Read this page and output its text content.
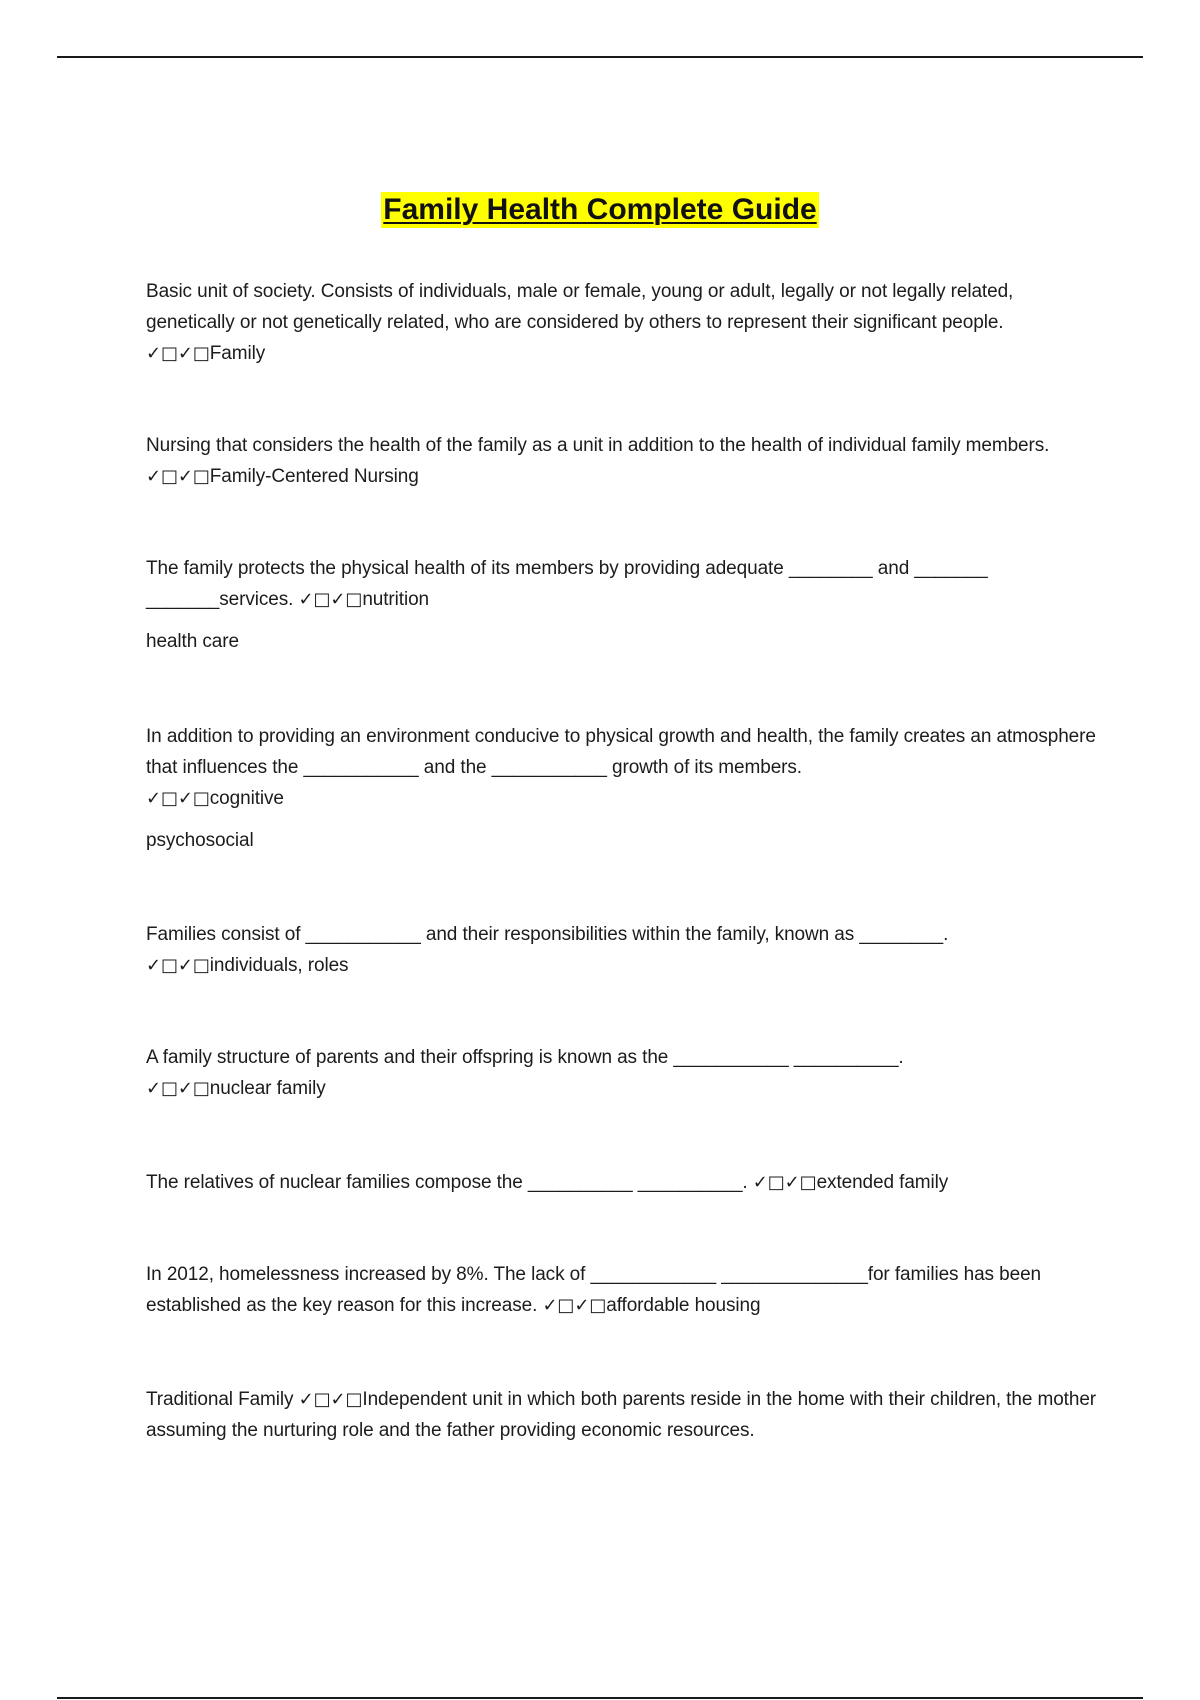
Family Health Complete Guide

Basic unit of society. Consists of individuals, male or female, young or adult, legally or not legally related, genetically or not genetically related, who are considered by others to represent their significant people.
✓□✓□Family

Nursing that considers the health of the family as a unit in addition to the health of individual family members. ✓□✓□Family-Centered Nursing

The family protects the physical health of its members by providing adequate ________ and _______
_______services. ✓□✓□nutrition

health care

In addition to providing an environment conducive to physical growth and health, the family creates an atmosphere that influences the ___________ and the ___________ growth of its members.
✓□✓□cognitive

psychosocial

Families consist of ___________ and their responsibilities within the family, known as ________.
✓□✓□individuals, roles

A family structure of parents and their offspring is known as the ___________ __________.
✓□✓□nuclear family

The relatives of nuclear families compose the __________ __________. ✓□✓□extended family

In 2012, homelessness increased by 8%. The lack of ____________ ______________for families has been established as the key reason for this increase. ✓□✓□affordable housing

Traditional Family ✓□✓□Independent unit in which both parents reside in the home with their children, the mother assuming the nurturing role and the father providing economic resources.
